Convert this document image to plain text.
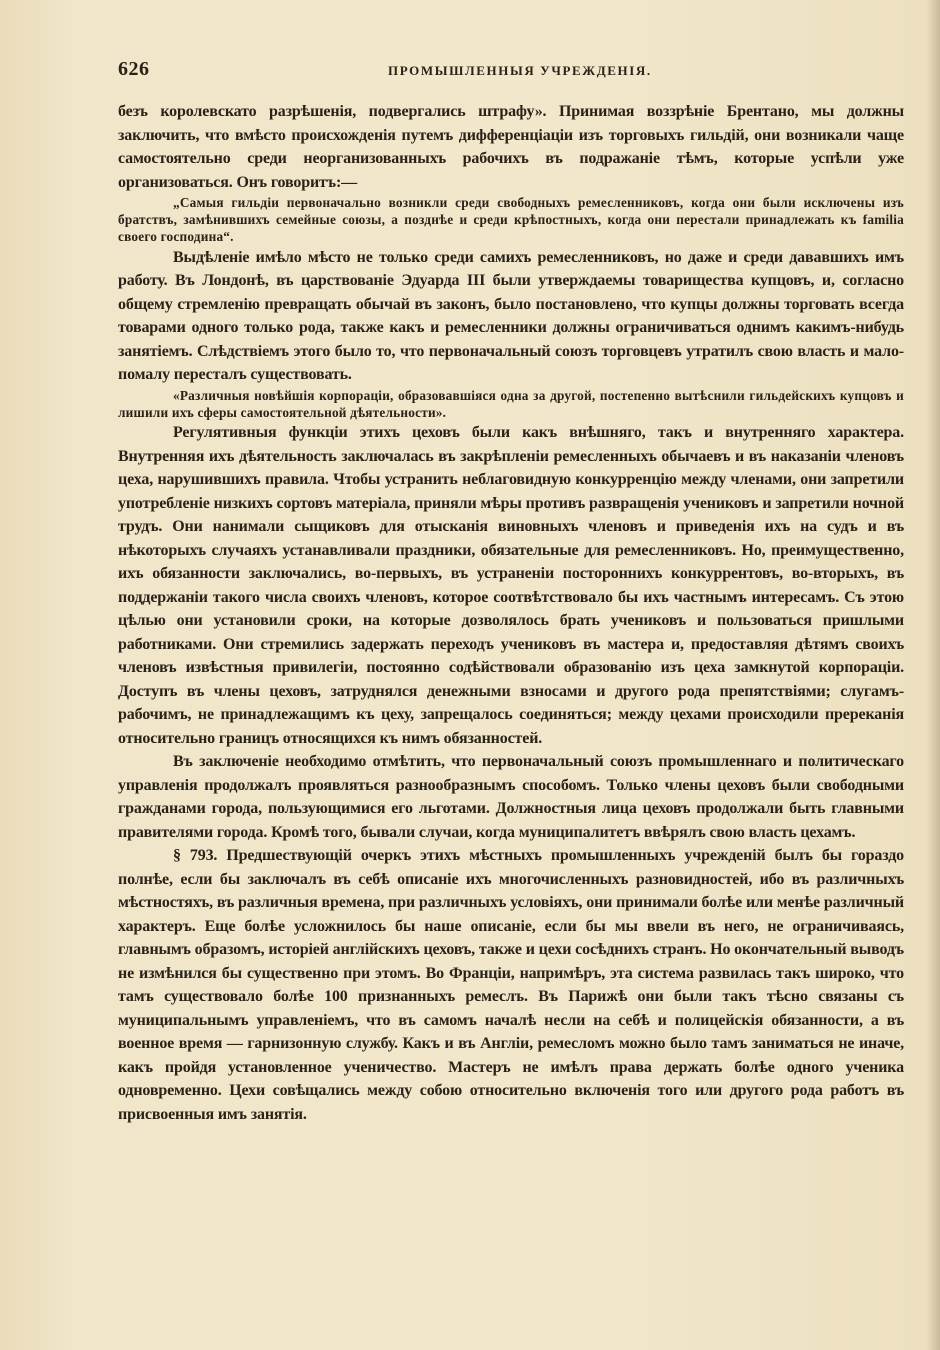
626	ПРОМЫШЛЕННЫЯ УЧРЕЖДЕНІЯ.

безъ королевскато разрѣшенія, подвергались штрафу». Принимая воззрѣніе Брентано, мы должны заключить, что вмѣсто происхожденія путемъ дифференціаціи изъ торговыхъ гильдій, они возникали чаще самостоятельно среди неорганизованныхъ рабочихъ въ подражаніе тѣмъ, которые успѣли уже организоваться. Онъ говоритъ:—

„Самыя гильдіи первоначально возникли среди свободныхъ ремесленниковъ, когда они были исключены изъ братствъ, замѣнившихъ семейные союзы, а позднѣе и среди крѣпостныхъ, когда они перестали принадлежать къ familia своего господина“.

Выдѣленіе имѣло мѣсто не только среди самихъ ремесленниковъ, но даже и среди дававшихъ имъ работу. Въ Лондонѣ, въ царствованіе Эдуарда III были утверждаемы товарищества купцовъ, и, согласно общему стремленію превращать обычай въ законъ, было постановлено, что купцы должны торговать всегда товарами одного только рода, также какъ и ремесленники должны ограничиваться однимъ какимъ-нибудь занятіемъ. Слѣдствіемъ этого было то, что первоначальный союзъ торговцевъ утратилъ свою власть и мало-помалу пересталъ существовать.

«Различныя новѣйшія корпораціи, образовавшіяся одна за другой, постепенно вытѣснили гильдейскихъ купцовъ и лишили ихъ сферы самостоятельной дѣятельности».

Регулятивныя функціи этихъ цеховъ были какъ внѣшняго, такъ и внутренняго характера. Внутренняя ихъ дѣятельность заключалась въ закрѣпленіи ремесленныхъ обычаевъ и въ наказаніи членовъ цеха, нарушившихъ правила. Чтобы устранить неблаговидную конкурренцію между членами, они запретили употребленіе низкихъ сортовъ матеріала, приняли мѣры противъ развращенія учениковъ и запретили ночной трудъ. Они нанимали сыщиковъ для отысканія виновныхъ членовъ и приведенія ихъ на судъ и въ нѣкоторыхъ случаяхъ устанавливали праздники, обязательные для ремесленниковъ. Но, преимущественно, ихъ обязанности заключались, во-первыхъ, въ устраненіи постороннихъ конкуррентовъ, во-вторыхъ, въ поддержаніи такого числа своихъ членовъ, которое соотвѣтствовало бы ихъ частнымъ интересамъ. Съ этою цѣлью они установили сроки, на которые дозволялось брать учениковъ и пользоваться пришлыми работниками. Они стремились задержать переходъ учениковъ въ мастера и, предоставляя дѣтямъ своихъ членовъ извѣстныя привилегіи, постоянно содѣйствовали образованію изъ цеха замкнутой корпораціи. Доступъ въ члены цеховъ, затруднялся денежными взносами и другого рода препятствіями; слугамъ-рабочимъ, не принадлежащимъ къ цеху, запрещалось соединяться; между цехами происходили пререканія относительно границъ относящихся къ нимъ обязанностей.

Въ заключеніе необходимо отмѣтить, что первоначальный союзъ промышленнаго и политическаго управленія продолжалъ проявляться разнообразнымъ способомъ. Только члены цеховъ были свободными гражданами города, пользующимися его льготами. Должностныя лица цеховъ продолжали быть главными правителями города. Кромѣ того, бывали случаи, когда муниципалитетъ ввѣрялъ свою власть цехамъ.

§ 793. Предшествующій очеркъ этихъ мѣстныхъ промышленныхъ учрежденій былъ бы гораздо полнѣе, если бы заключалъ въ себѣ описаніе ихъ многочисленныхъ разновидностей, ибо въ различныхъ мѣстностяхъ, въ различныя времена, при различныхъ условіяхъ, они принимали болѣе или менѣе различный характеръ. Еще болѣе усложнилось бы наше описаніе, если бы мы ввели въ него, не ограничиваясь, главнымъ образомъ, исторіей англійскихъ цеховъ, также и цехи сосѣднихъ странъ. Но окончательный выводъ не измѣнился бы существенно при этомъ. Во Франціи, напримѣръ, эта система развилась такъ широко, что тамъ существовало болѣе 100 признанныхъ ремеслъ. Въ Парижѣ они были такъ тѣсно связаны съ муниципальнымъ управленіемъ, что въ самомъ началѣ несли на себѣ и полицейскія обязанности, а въ военное время — гарнизонную службу. Какъ и въ Англіи, ремесломъ можно было тамъ заниматься не иначе, какъ пройдя установленное ученичество. Мастеръ не имѣлъ права держать болѣе одного ученика одновременно. Цехи совѣщались между собою относительно включенія того или другого рода работъ въ присвоенныя имъ занятія.
